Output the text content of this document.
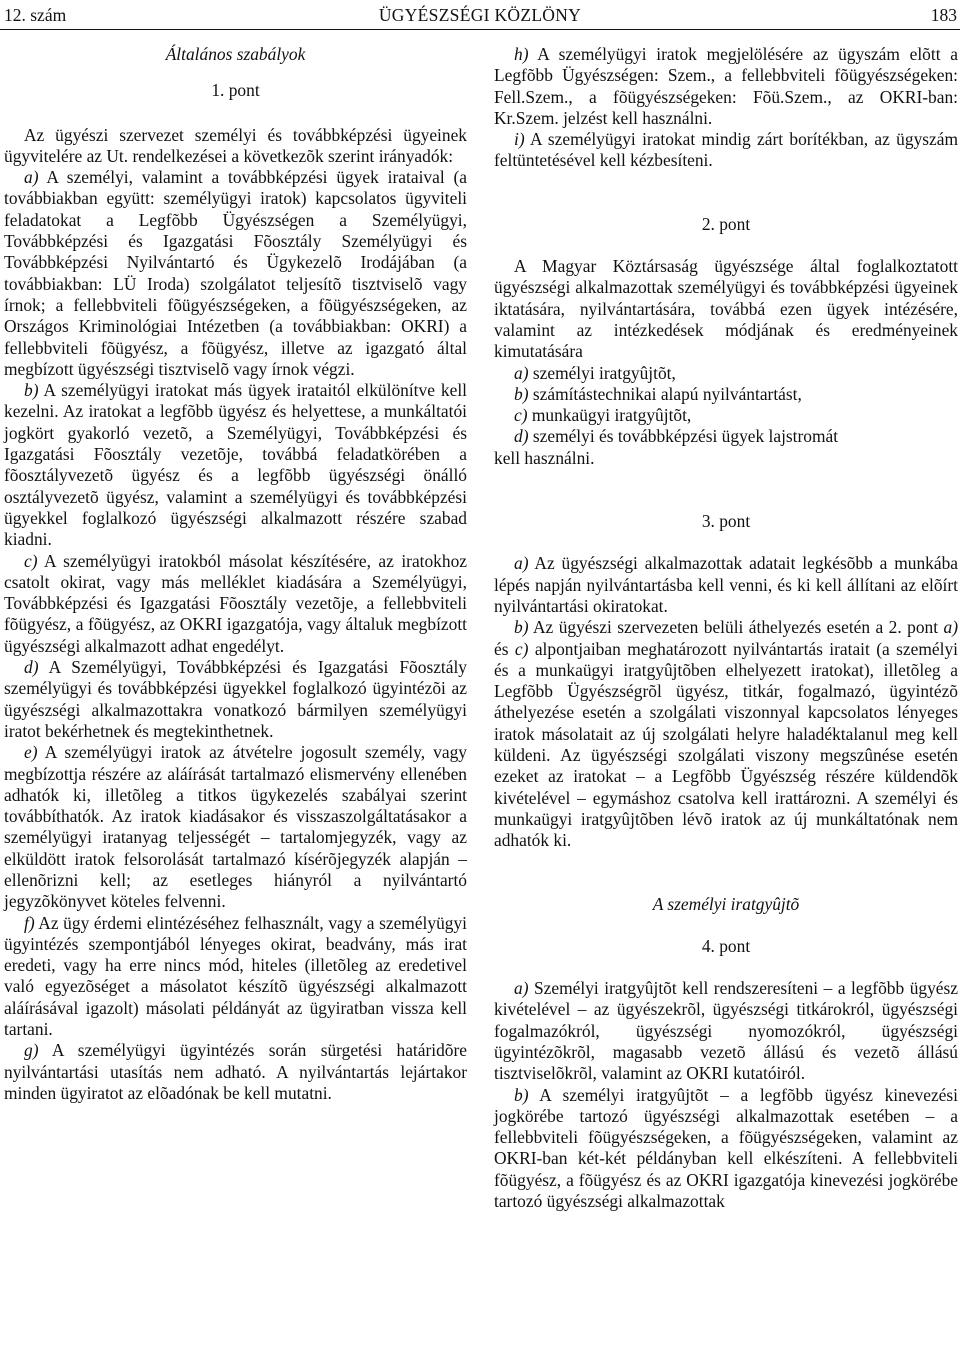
ÜGYÉSZSÉGI KÖZLÖNY
12. szám	183

Általános szabályok

1. pont

Az ügyészi szervezet személyi és továbbképzési ügyeinek ügyvitelére az Ut. rendelkezései a következõk szerint irányadók:

a) A személyi, valamint a továbbképzési ügyek irataival (a továbbiakban együtt: személyügyi iratok) kapcsolatos ügyviteli feladatokat a Legfõbb Ügyészségen a Személyügyi, Továbbképzési és Igazgatási Fõosztály Személyügyi és Továbbképzési Nyilvántartó és Ügykezelõ Irodájában (a továbbiakban: LÜ Iroda) szolgálatot teljesítõ tisztviselõ vagy írnok; a fellebbviteli fõügyészségeken, a fõügyészségeken, az Országos Kriminológiai Intézetben (a továbbiakban: OKRI) a fellebbviteli fõügyész, a fõügyész, illetve az igazgató által megbízott ügyészségi tisztviselõ vagy írnok végzi.

b) A személyügyi iratokat más ügyek irataitól elkülönítve kell kezelni. Az iratokat a legfõbb ügyész és helyettese, a munkáltatói jogkört gyakorló vezetõ, a Személyügyi, Továbbképzési és Igazgatási Fõosztály vezetõje, továbbá feladatkörében a fõosztályvezetõ ügyész és a legfõbb ügyészségi önálló osztályvezetõ ügyész, valamint a személyügyi és továbbképzési ügyekkel foglalkozó ügyészségi alkalmazott részére szabad kiadni.

c) A személyügyi iratokból másolat készítésére, az iratokhoz csatolt okirat, vagy más melléklet kiadására a Személyügyi, Továbbképzési és Igazgatási Fõosztály vezetõje, a fellebbviteli fõügyész, a fõügyész, az OKRI igazgatója, vagy általuk megbízott ügyészségi alkalmazott adhat engedélyt.

d) A Személyügyi, Továbbképzési és Igazgatási Fõosztály személyügyi és továbbképzési ügyekkel foglalkozó ügyintézõi az ügyészségi alkalmazottakra vonatkozó bármilyen személyügyi iratot bekérhetnek és megtekinthetnek.

e) A személyügyi iratok az átvételre jogosult személy, vagy megbízottja részére az aláírását tartalmazó elismervény ellenében adhatók ki, illetõleg a titkos ügykezelés szabályai szerint továbbíthatók. Az iratok kiadásakor és visszaszolgáltatásakor a személyügyi iratanyag teljességét – tartalomjegyzék, vagy az elküldött iratok felsorolását tartalmazó kísérõjegyzék alapján – ellenõrizni kell; az esetleges hiányról a nyilvántartó jegyzõkönyvet köteles felvenni.

f) Az ügy érdemi elintézéséhez felhasznált, vagy a személyügyi ügyintézés szempontjából lényeges okirat, beadvány, más irat eredeti, vagy ha erre nincs mód, hiteles (illetõleg az eredetivel való egyezõséget a másolatot készítõ ügyészségi alkalmazott aláírásával igazolt) másolati példányát az ügyiratban vissza kell tartani.

g) A személyügyi ügyintézés során sürgetési határidõre nyilvántartási utasítás nem adható. A nyilvántartás lejártakor minden ügyiratot az elõadónak be kell mutatni.

h) A személyügyi iratok megjelölésére az ügyszám elõtt a Legfõbb Ügyészségen: Szem., a fellebbviteli fõügyészségeken: Fell.Szem., a fõügyészségeken: Fõü.Szem., az OKRI-ban: Kr.Szem. jelzést kell használni.

i) A személyügyi iratokat mindig zárt borítékban, az ügyszám feltüntetésével kell kézbesíteni.

2. pont

A Magyar Köztársaság ügyészsége által foglalkoztatott ügyészségi alkalmazottak személyügyi és továbbképzési ügyeinek iktatására, nyilvántartására, továbbá ezen ügyek intézésére, valamint az intézkedések módjának és eredményeinek kimutatására

a) személyi iratgyûjtõt,

b) számítástechnikai alapú nyilvántartást,

c) munkaügyi iratgyûjtõt,

d) személyi és továbbképzési ügyek lajstromát

kell használni.

3. pont

a) Az ügyészségi alkalmazottak adatait legkésõbb a munkába lépés napján nyilvántartásba kell venni, és ki kell állítani az elõírt nyilvántartási okiratokat.

b) Az ügyészi szervezeten belüli áthelyezés esetén a 2. pont a) és c) alpontjaiban meghatározott nyilvántartás iratait (a személyi és a munkaügyi iratgyûjtõben elhelyezett iratokat), illetõleg a Legfõbb Ügyészségrõl ügyész, titkár, fogalmazó, ügyintézõ áthelyezése esetén a szolgálati viszonnyal kapcsolatos lényeges iratok másolatait az új szolgálati helyre haladéktalanul meg kell küldeni. Az ügyészségi szolgálati viszony megszûnése esetén ezeket az iratokat – a Legfõbb Ügyészség részére küldendõk kivételével – egymáshoz csatolva kell irattározni. A személyi és munkaügyi iratgyûjtõben lévõ iratok az új munkáltatónak nem adhatók ki.

A személyi iratgyûjtõ

4. pont

a) Személyi iratgyûjtõt kell rendszeresíteni – a legfõbb ügyész kivételével – az ügyészekrõl, ügyészségi titkárokról, ügyészségi fogalmazókról, ügyészségi nyomozókról, ügyészségi ügyintézõkrõl, magasabb vezetõ állású és vezetõ állású tisztviselõkrõl, valamint az OKRI kutatóiról.

b) A személyi iratgyûjtõt – a legfõbb ügyész kinevezési jogkörébe tartozó ügyészségi alkalmazottak esetében – a fellebbviteli fõügyészségeken, a fõügyészségeken, valamint az OKRI-ban két-két példányban kell elkészíteni. A fellebbviteli fõügyész, a fõügyész és az OKRI igazgatója kinevezési jogkörébe tartozó ügyészségi alkalmazottak
